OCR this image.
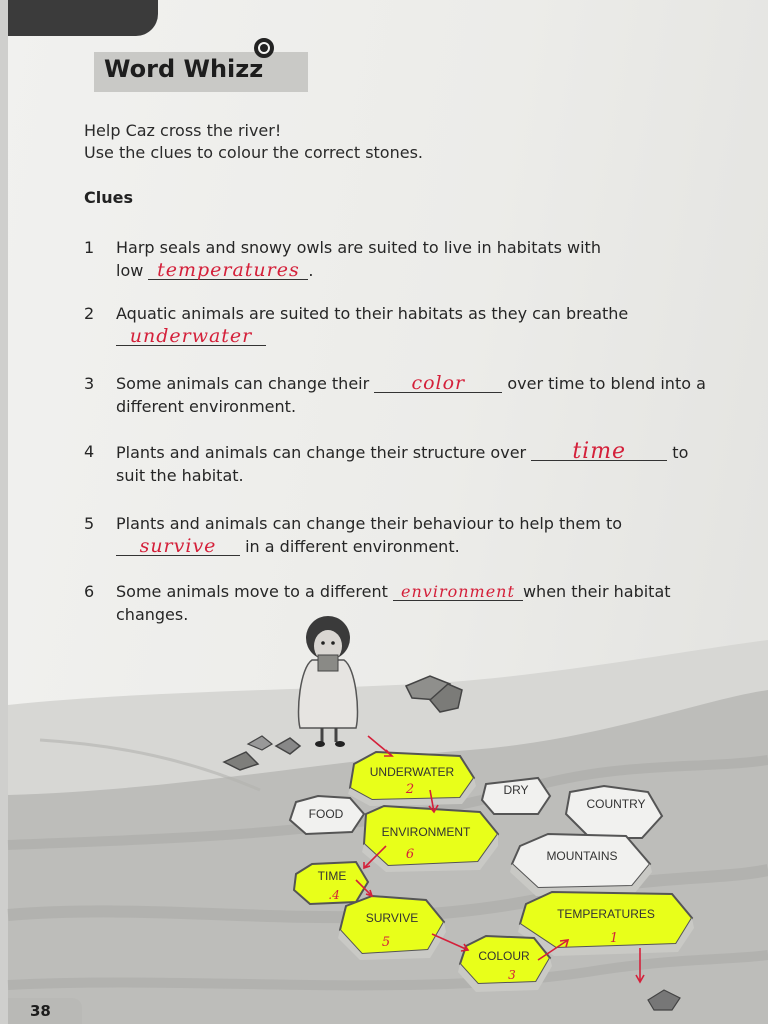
Word Whizz
Help Caz cross the river!
Use the clues to colour the correct stones.
Clues
1	Harp seals and snowy owls are suited to live in habitats with
low temperatures .
2	Aquatic animals are suited to their habitats as they can breathe
underwater
3	Some animals can change their color	over time to blend into a
different environment.
4	Plants and animals can change their structure over time	to
suit the habitat.
5	Plants and animals can change their behaviour to help them to
survive in a different environment.
6	Some animals move to a different environment when their habitat
changes.
UNDERWATER
2	DRY
COUNTRY
FOOD
ENVIRONMENT
6	MOUNTAINS
TIME
.4
SURVIVE
5
TEMPERATURES
1
COLOUR
3
38
